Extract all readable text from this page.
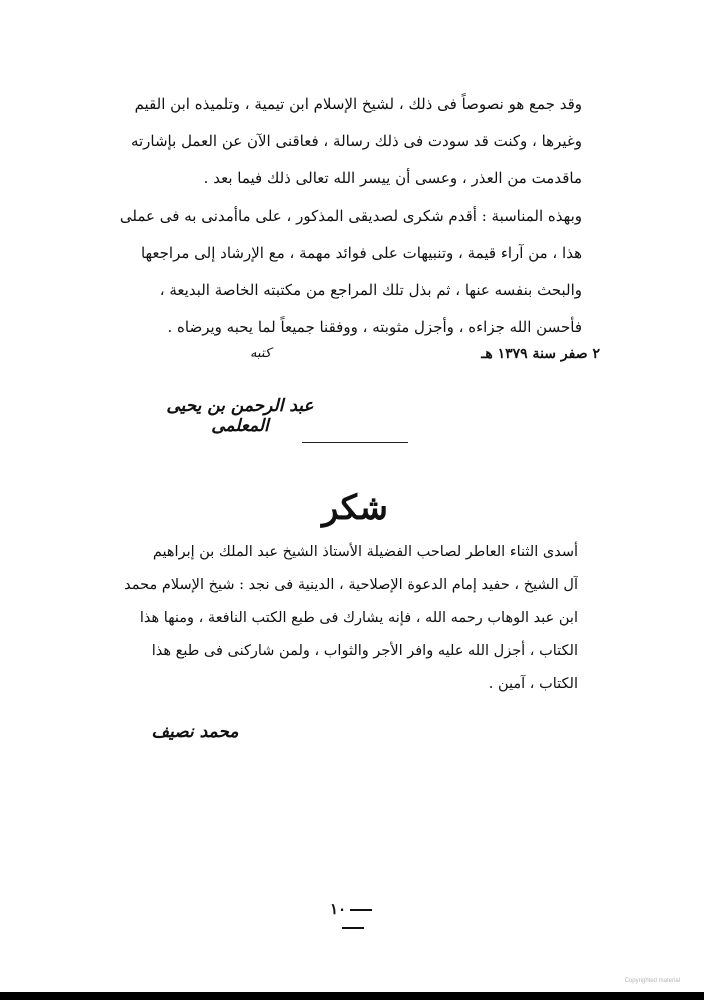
وقد جمع هو نصوصاً فى ذلك ، لشيخ الإسلام ابن تيمية ، وتلميذه ابن القيم
وغيرها ، وكنت قد سودت فى ذلك رسالة ، فعاقنى الآن عن العمل بإشارته
ماقدمت من العذر ، وعسى أن ييسر الله تعالى ذلك فيما بعد .
وبهذه المناسبة : أقدم شكرى لصديقى المذكور ، على ماأمدنى به فى عملى
هذا ، من آراء قيمة ، وتنبيهات على فوائد مهمة ، مع الإرشاد إلى مراجعها
والبحث بنفسه عنها ، ثم بذل تلك المراجع من مكتبته الخاصة البديعة ،
فأحسن الله جزاءه ، وأجزل مثوبته ، ووفقنا جميعاً لما يحبه ويرضاه .
٢ صفر سنة ١٣٧٩ هـ
كتبه
عبد الرحمن بن يحيى المعلمى
شكر
أسدى الثناء العاطر لصاحب الفضيلة الأستاذ الشيخ عبد الملك بن إبراهيم
آل الشيخ ، حفيد إمام الدعوة الإصلاحية ، الدينية فى نجد : شيخ الإسلام محمد
ابن عبد الوهاب رحمه الله ، فإنه يشارك فى طبع الكتب النافعة ، ومنها هذا
الكتاب ، أجزل الله عليه وافر الأجر والثواب ، ولمن شاركنى فى طبع هذا
الكتاب ، آمين .
محمد نصيف
١٠
Copyrighted material
